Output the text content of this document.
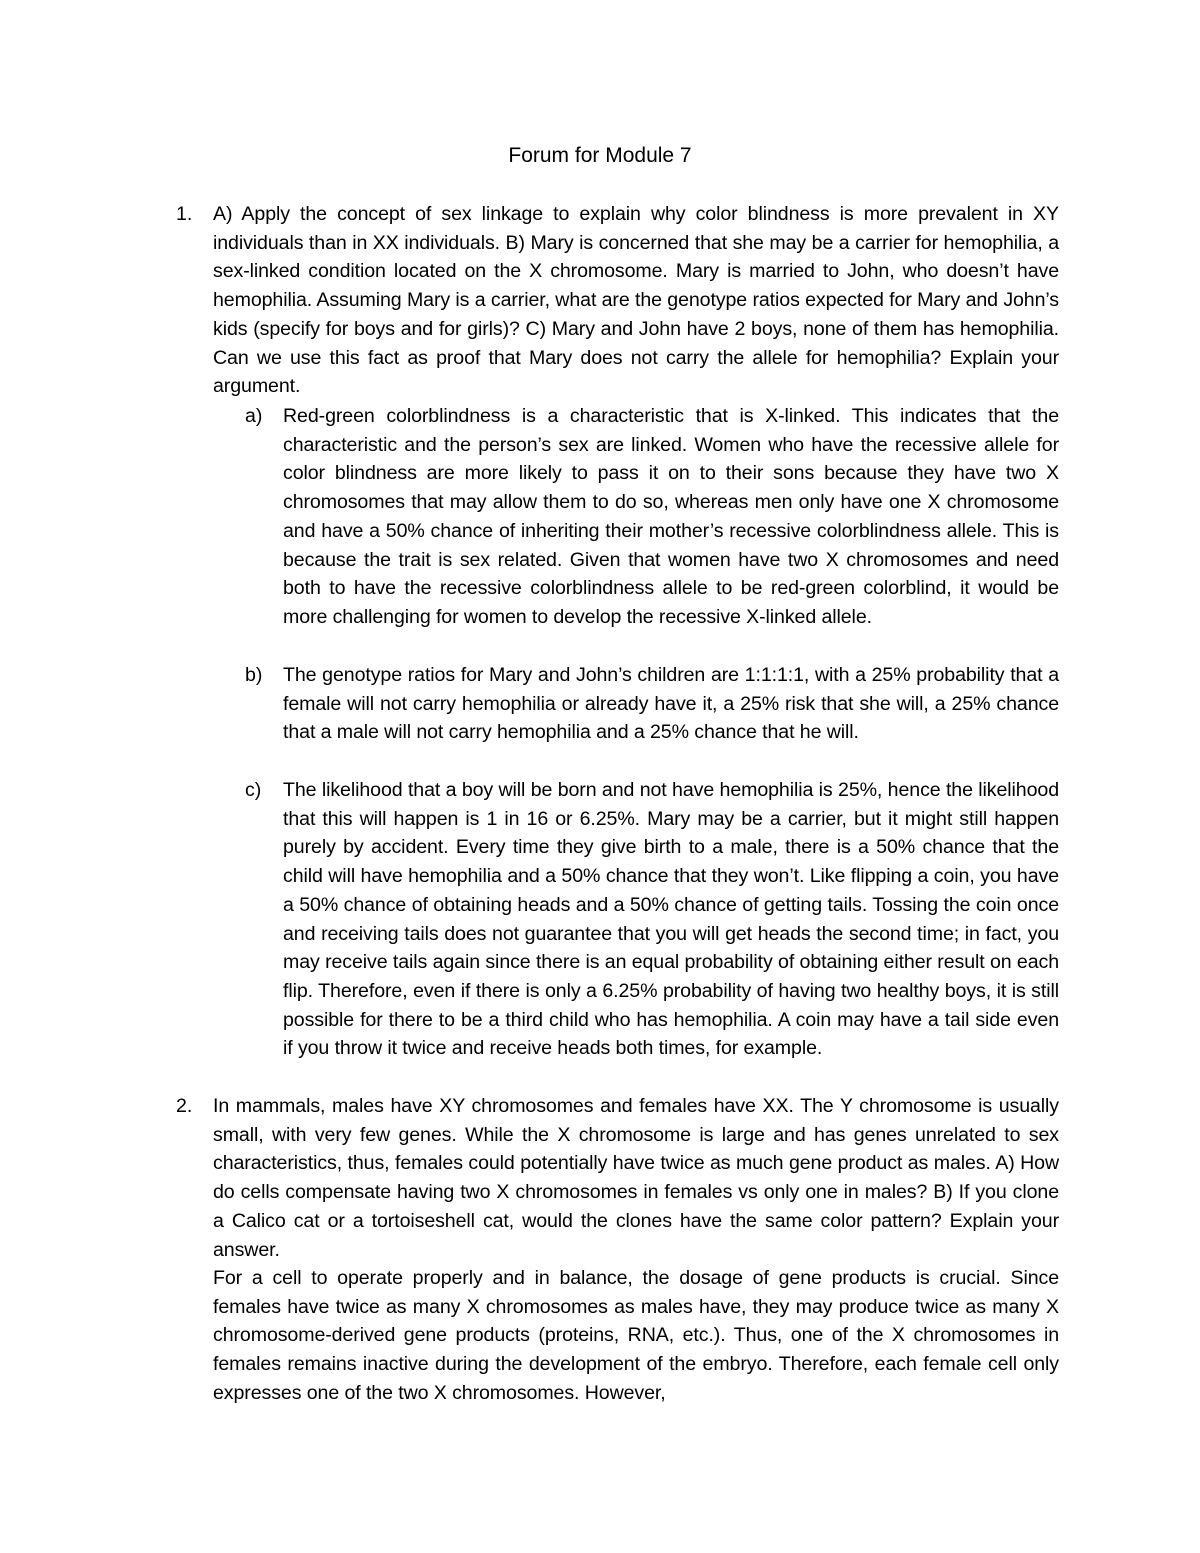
Forum for Module 7
1. A) Apply the concept of sex linkage to explain why color blindness is more prevalent in XY individuals than in XX individuals. B) Mary is concerned that she may be a carrier for hemophilia, a sex-linked condition located on the X chromosome. Mary is married to John, who doesn’t have hemophilia. Assuming Mary is a carrier, what are the genotype ratios expected for Mary and John’s kids (specify for boys and for girls)? C) Mary and John have 2 boys, none of them has hemophilia. Can we use this fact as proof that Mary does not carry the allele for hemophilia? Explain your argument.

a) Red-green colorblindness is a characteristic that is X-linked. This indicates that the characteristic and the person’s sex are linked. Women who have the recessive allele for color blindness are more likely to pass it on to their sons because they have two X chromosomes that may allow them to do so, whereas men only have one X chromosome and have a 50% chance of inheriting their mother’s recessive colorblindness allele. This is because the trait is sex related. Given that women have two X chromosomes and need both to have the recessive colorblindness allele to be red-green colorblind, it would be more challenging for women to develop the recessive X-linked allele.

b) The genotype ratios for Mary and John’s children are 1:1:1:1, with a 25% probability that a female will not carry hemophilia or already have it, a 25% risk that she will, a 25% chance that a male will not carry hemophilia and a 25% chance that he will.

c) The likelihood that a boy will be born and not have hemophilia is 25%, hence the likelihood that this will happen is 1 in 16 or 6.25%. Mary may be a carrier, but it might still happen purely by accident. Every time they give birth to a male, there is a 50% chance that the child will have hemophilia and a 50% chance that they won’t. Like flipping a coin, you have a 50% chance of obtaining heads and a 50% chance of getting tails. Tossing the coin once and receiving tails does not guarantee that you will get heads the second time; in fact, you may receive tails again since there is an equal probability of obtaining either result on each flip. Therefore, even if there is only a 6.25% probability of having two healthy boys, it is still possible for there to be a third child who has hemophilia. A coin may have a tail side even if you throw it twice and receive heads both times, for example.

2. In mammals, males have XY chromosomes and females have XX. The Y chromosome is usually small, with very few genes. While the X chromosome is large and has genes unrelated to sex characteristics, thus, females could potentially have twice as much gene product as males. A) How do cells compensate having two X chromosomes in females vs only one in males? B) If you clone a Calico cat or a tortoiseshell cat, would the clones have the same color pattern? Explain your answer.

For a cell to operate properly and in balance, the dosage of gene products is crucial. Since females have twice as many X chromosomes as males have, they may produce twice as many X chromosome-derived gene products (proteins, RNA, etc.). Thus, one of the X chromosomes in females remains inactive during the development of the embryo. Therefore, each female cell only expresses one of the two X chromosomes. However,
